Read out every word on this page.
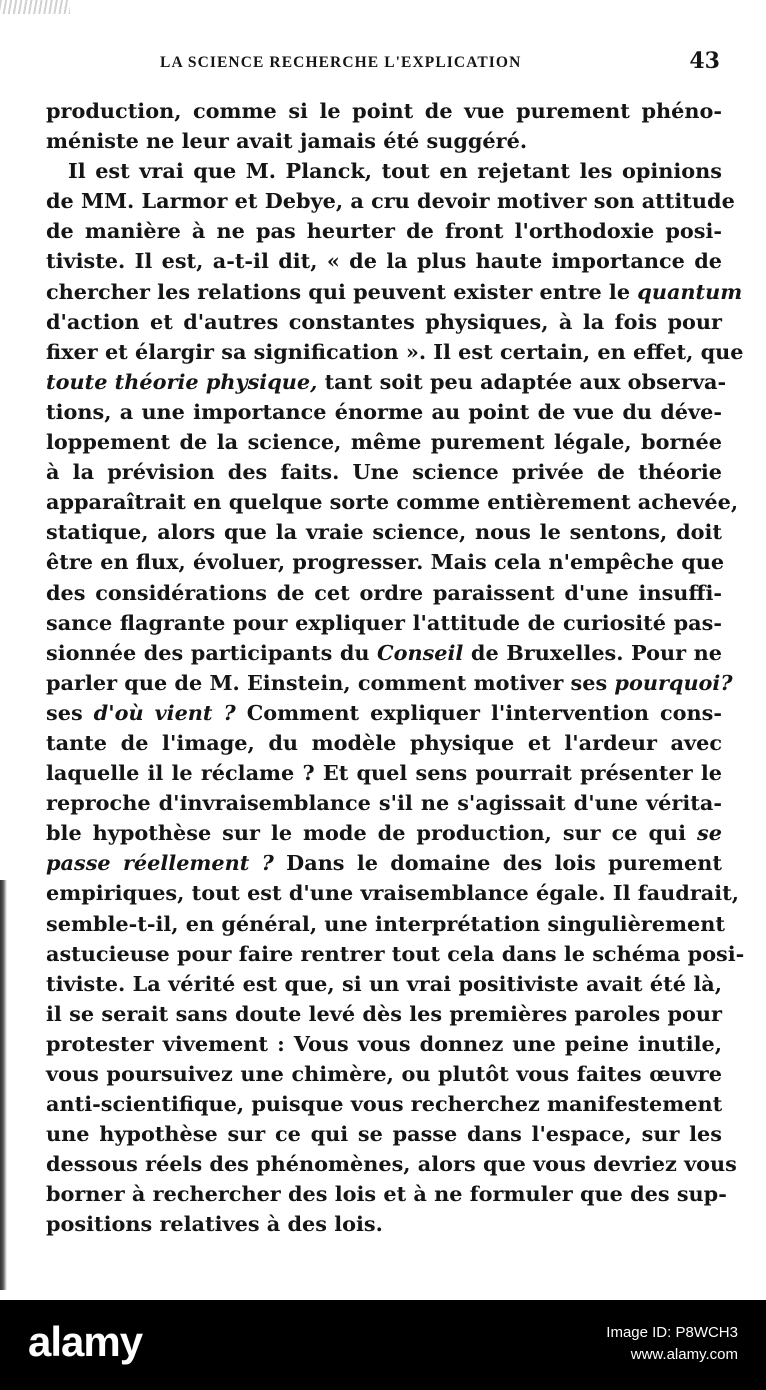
LA SCIENCE RECHERCHE L'EXPLICATION	43
production, comme si le point de vue purement phéno-
méniste ne leur avait jamais été suggéré.
Il est vrai que M. Planck, tout en rejetant les opinions
de MM. Larmor et Debye, a cru devoir motiver son attitude
de manière à ne pas heurter de front l'orthodoxie posi-
tiviste. Il est, a-t-il dit, « de la plus haute importance de
chercher les relations qui peuvent exister entre le quantum
d'action et d'autres constantes physiques, à la fois pour
fixer et élargir sa signification ». Il est certain, en effet, que
toute théorie physique, tant soit peu adaptée aux observa-
tions, a une importance énorme au point de vue du déve-
loppement de la science, même purement légale, bornée
à la prévision des faits. Une science privée de théorie
apparaîtrait en quelque sorte comme entièrement achevée,
statique, alors que la vraie science, nous le sentons, doit
être en flux, évoluer, progresser. Mais cela n'empêche que
des considérations de cet ordre paraissent d'une insuffi-
sance flagrante pour expliquer l'attitude de curiosité pas-
sionnée des participants du Conseil de Bruxelles. Pour ne
parler que de M. Einstein, comment motiver ses pourquoi?
ses d'où vient ? Comment expliquer l'intervention cons-
tante de l'image, du modèle physique et l'ardeur avec
laquelle il le réclame ? Et quel sens pourrait présenter le
reproche d'invraisemblance s'il ne s'agissait d'une vérita-
ble hypothèse sur le mode de production, sur ce qui se
passe réellement ? Dans le domaine des lois purement
empiriques, tout est d'une vraisemblance égale. Il faudrait,
semble-t-il, en général, une interprétation singulièrement
astucieuse pour faire rentrer tout cela dans le schéma posi-
tiviste. La vérité est que, si un vrai positiviste avait été là,
il se serait sans doute levé dès les premières paroles pour
protester vivement : Vous vous donnez une peine inutile,
vous poursuivez une chimère, ou plutôt vous faites œuvre
anti-scientifique, puisque vous recherchez manifestement
une hypothèse sur ce qui se passe dans l'espace, sur les
dessous réels des phénomènes, alors que vous devriez vous
borner à rechercher des lois et à ne formuler que des sup-
positions relatives à des lois.
alamy	Image ID: P8WCH3
www.alamy.com
